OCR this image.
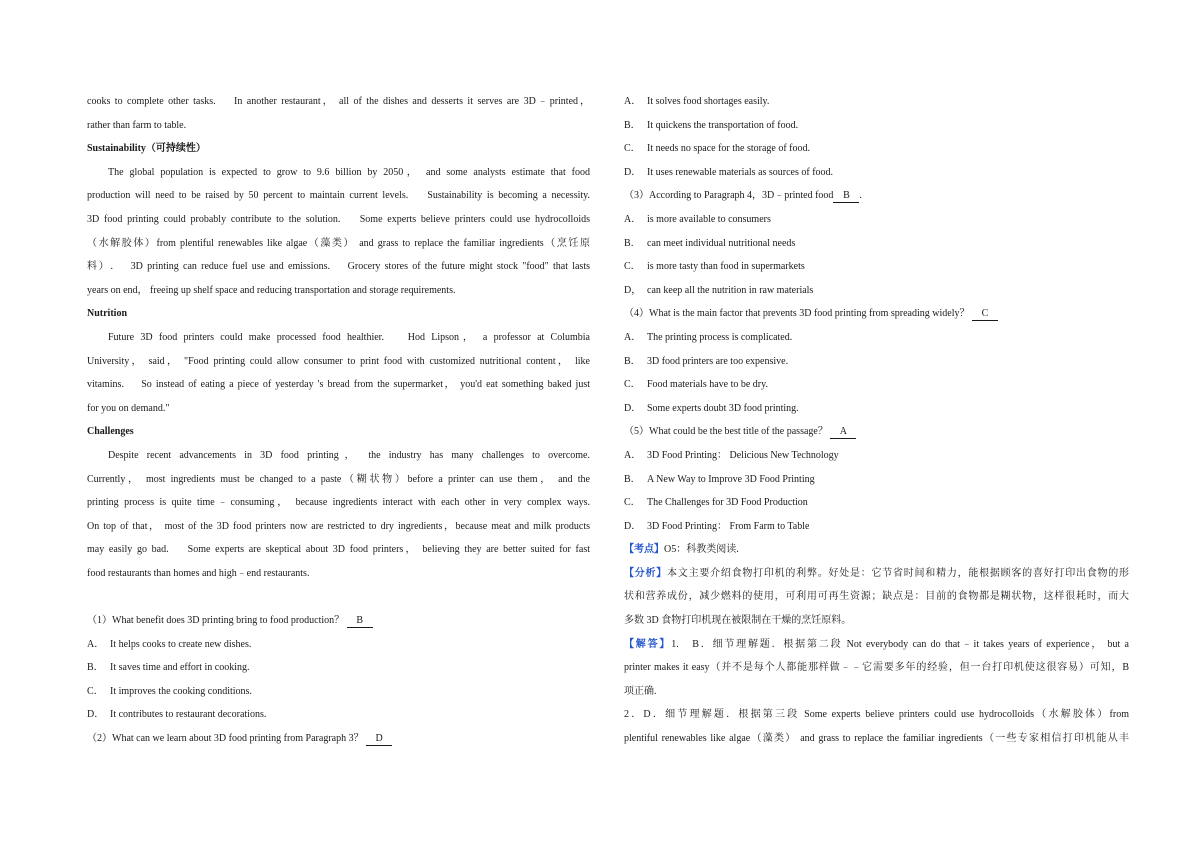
cooks to complete other tasks.　 In another restaurant， all of the dishes and desserts it serves are 3D﹣printed，
rather than farm to table.
Sustainability（可持续性）
The global population is expected to grow to 9.6 billion by 2050， and some analysts estimate that food
production will need to be raised by 50 percent to maintain current levels.　 Sustainability is becoming a necessity.
3D food printing could probably contribute to the solution.　 Some experts believe printers could use hydrocolloids
（水解胶体）from plentiful renewables like algae（藻类） and grass to replace the familiar ingredients（烹饪原
料）.　 3D printing can reduce fuel use and emissions.　 Grocery stores of the future might stock "food" that lasts
years on end， freeing up shelf space and reducing transportation and storage requirements.
Nutrition
Future 3D food printers could make processed food healthier.　 Hod Lipson， a professor at Columbia
University， said， "Food printing could allow consumer to print food with customized nutritional content， like
vitamins.　 So instead of eating a piece of yesterday 's bread from the supermarket， you'd eat something baked just
for you on demand."
Challenges
Despite recent advancements in 3D food printing， the industry has many challenges to overcome.
Currently， most ingredients must be changed to a paste（糊状物）before a printer can use them， and the
printing process is quite time﹣consuming， because ingredients interact with each other in very complex ways.
On top of that， most of the 3D food printers now are restricted to dry ingredients，because meat and milk products
may easily go bad.　 Some experts are skeptical about 3D food printers， believing they are better suited for fast
food restaurants than homes and high﹣end restaurants.
（1）What benefit does 3D printing bring to food production？ B
A． It helps cooks to create new dishes.
B． It saves time and effort in cooking.
C． It improves the cooking conditions.
D． It contributes to restaurant decorations.
（2）What can we learn about 3D food printing from Paragraph 3？ D
A． It solves food shortages easily.
B． It quickens the transportation of food.
C． It needs no space for the storage of food.
D． It uses renewable materials as sources of food.
（3）According to Paragraph 4，3D﹣printed food B .
A． is more available to consumers
B． can meet individual nutritional needs
C． is more tasty than food in supermarkets
D， can keep all the nutrition in raw materials
（4）What is the main factor that prevents 3D food printing from spreading widely？ C
A． The printing process is complicated.
B． 3D food printers are too expensive.
C． Food materials have to be dry.
D． Some experts doubt 3D food printing.
（5）What could be the best title of the passage？ A
A． 3D Food Printing： Delicious New Technology
B． A New Way to Improve 3D Food Printing
C． The Challenges for 3D Food Production
D． 3D Food Printing： From Farm to Table
【考点】O5：科教类阅读.
【分析】本文主要介绍食物打印机的利弊。好处是：它节省时间和精力，能根据顾客的喜好打印出食物的形
状和营养成份，减少燃料的使用，可利用可再生资源；缺点是：目前的食物都是糊状物，这样很耗时，而大
多数 3D 食物打印机现在被限制在干燥的烹饪原料。
【解答】1.　B．细节理解题．根据第二段 Not everybody can do that﹣it takes years of experience， but a
printer makes it easy（并不是每个人都能那样做﹣﹣它需要多年的经验，但一台打印机使这很容易）可知，B
项正确.
2．D．细节理解题．根据第三段 Some experts believe printers could use hydrocolloids（水解胶体）from
plentiful renewables like algae（藻类） and grass to replace the familiar ingredients（一些专家相信打印机能从丰
